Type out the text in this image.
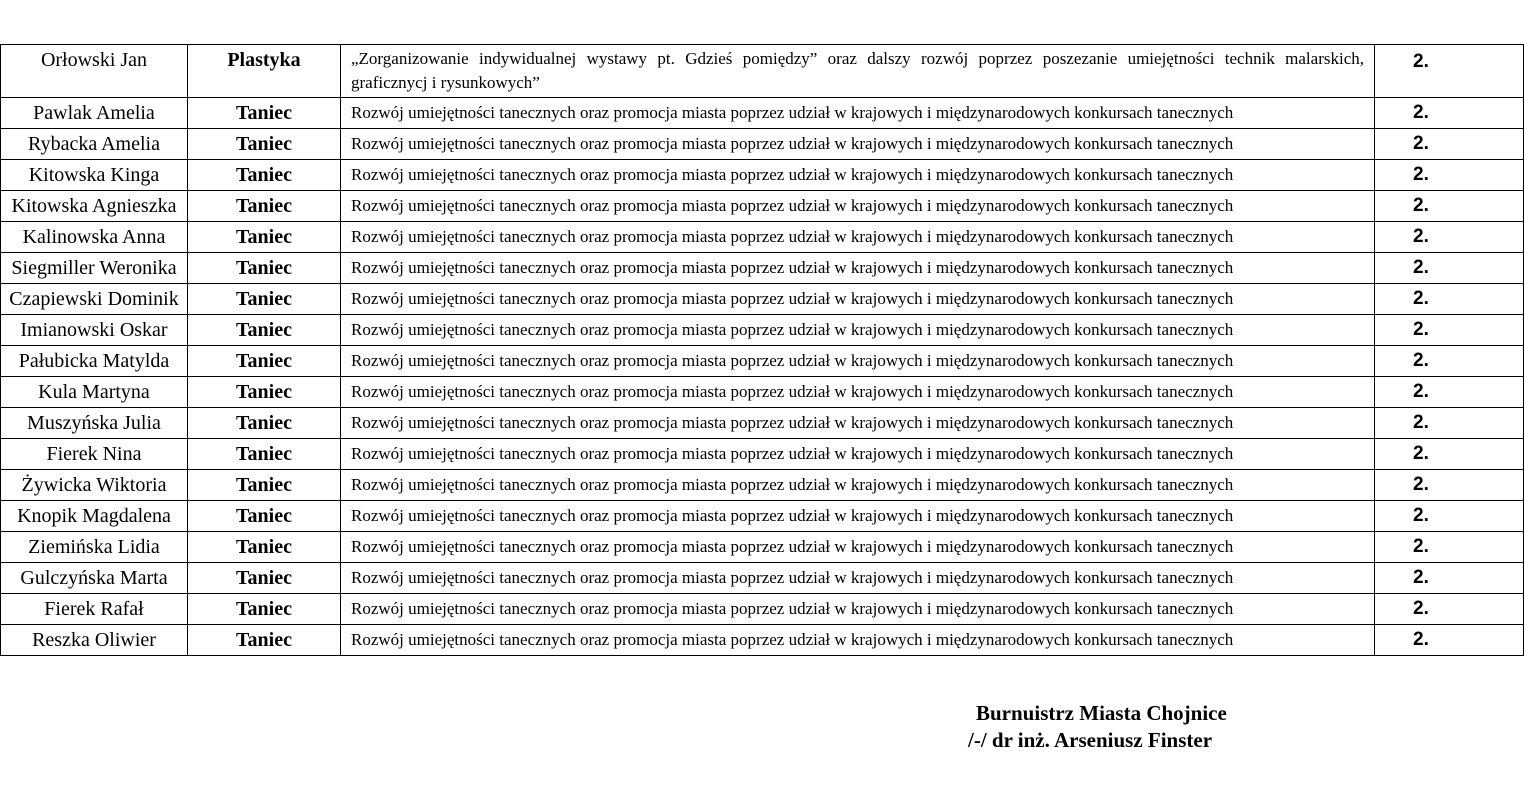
Orłowski Jan	Plastyka	„Zorganizowanie indywidualnej wystawy pt. Gdzieś pomiędzy” oraz dalszy rozwój poprzez poszezanie umiejętności technik malarskich, graficznycj i rysunkowych”	2.
Pawlak Amelia	Taniec	Rozwój umiejętności tanecznych oraz promocja miasta poprzez udział w krajowych i międzynarodowych konkursach tanecznych	2.
Rybacka Amelia	Taniec	Rozwój umiejętności tanecznych oraz promocja miasta poprzez udział w krajowych i międzynarodowych konkursach tanecznych	2.
Kitowska Kinga	Taniec	Rozwój umiejętności tanecznych oraz promocja miasta poprzez udział w krajowych i międzynarodowych konkursach tanecznych	2.
Kitowska Agnieszka	Taniec	Rozwój umiejętności tanecznych oraz promocja miasta poprzez udział w krajowych i międzynarodowych konkursach tanecznych	2.
Kalinowska Anna	Taniec	Rozwój umiejętności tanecznych oraz promocja miasta poprzez udział w krajowych i międzynarodowych konkursach tanecznych	2.
Siegmiller Weronika	Taniec	Rozwój umiejętności tanecznych oraz promocja miasta poprzez udział w krajowych i międzynarodowych konkursach tanecznych	2.
Czapiewski Dominik	Taniec	Rozwój umiejętności tanecznych oraz promocja miasta poprzez udział w krajowych i międzynarodowych konkursach tanecznych	2.
Imianowski Oskar	Taniec	Rozwój umiejętności tanecznych oraz promocja miasta poprzez udział w krajowych i międzynarodowych konkursach tanecznych	2.
Pałubicka Matylda	Taniec	Rozwój umiejętności tanecznych oraz promocja miasta poprzez udział w krajowych i międzynarodowych konkursach tanecznych	2.
Kula Martyna	Taniec	Rozwój umiejętności tanecznych oraz promocja miasta poprzez udział w krajowych i międzynarodowych konkursach tanecznych	2.
Muszyńska Julia	Taniec	Rozwój umiejętności tanecznych oraz promocja miasta poprzez udział w krajowych i międzynarodowych konkursach tanecznych	2.
Fierek Nina	Taniec	Rozwój umiejętności tanecznych oraz promocja miasta poprzez udział w krajowych i międzynarodowych konkursach tanecznych	2.
Żywicka Wiktoria	Taniec	Rozwój umiejętności tanecznych oraz promocja miasta poprzez udział w krajowych i międzynarodowych konkursach tanecznych	2.
Knopik Magdalena	Taniec	Rozwój umiejętności tanecznych oraz promocja miasta poprzez udział w krajowych i międzynarodowych konkursach tanecznych	2.
Ziemińska Lidia	Taniec	Rozwój umiejętności tanecznych oraz promocja miasta poprzez udział w krajowych i międzynarodowych konkursach tanecznych	2.
Gulczyńska Marta	Taniec	Rozwój umiejętności tanecznych oraz promocja miasta poprzez udział w krajowych i międzynarodowych konkursach tanecznych	2.
Fierek Rafał	Taniec	Rozwój umiejętności tanecznych oraz promocja miasta poprzez udział w krajowych i międzynarodowych konkursach tanecznych	2.
Reszka Oliwier	Taniec	Rozwój umiejętności tanecznych oraz promocja miasta poprzez udział w krajowych i międzynarodowych konkursach tanecznych	2.
Burnuistrz Miasta Chojnice
/-/ dr inż. Arseniusz Finster
